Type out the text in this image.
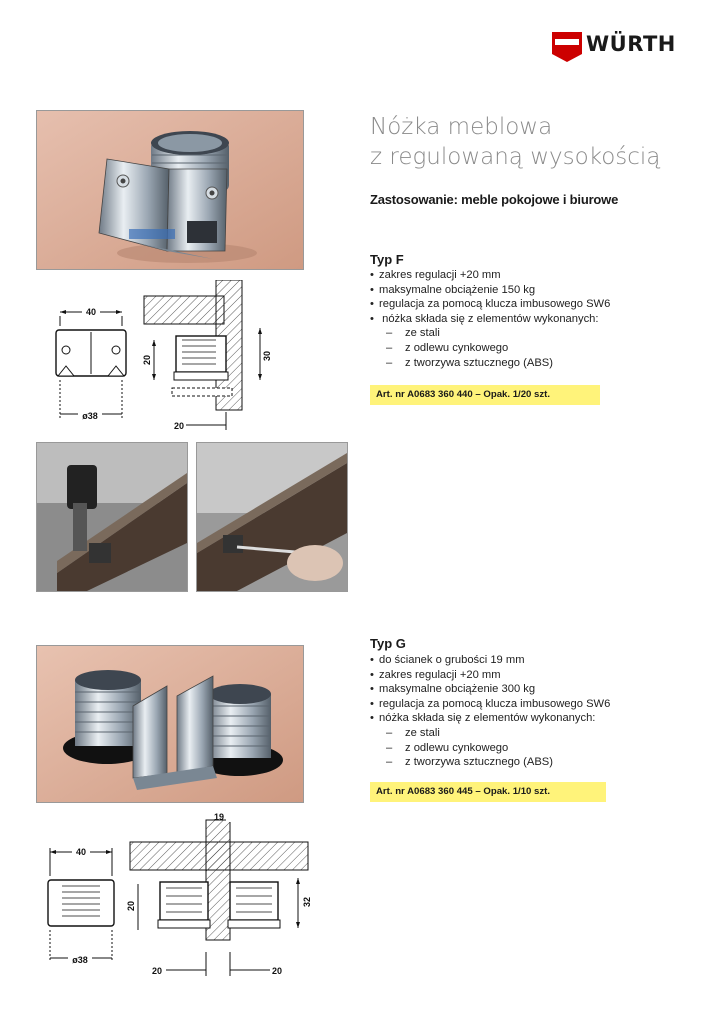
WÜRTH
Nóżka meblowa
z regulowaną wysokością
Zastosowanie: meble pokojowe i biurowe
Typ F
• zakres regulacji +20 mm
• maksymalne obciążenie 150 kg
• regulacja za pomocą klucza imbusowego SW6
• nóżka składa się z elementów wykonanych:
– ze stali
– z odlewu cynkowego
– z tworzywa sztucznego (ABS)
Art. nr A0683 360 440 – Opak. 1/20 szt.
40
ø38
20	30
20
Typ G
• do ścianek o grubości 19 mm
• zakres regulacji +20 mm
• maksymalne obciążenie 300 kg
• regulacja za pomocą klucza imbusowego SW6
• nóżka składa się z elementów wykonanych:
– ze stali
– z odlewu cynkowego
– z tworzywa sztucznego (ABS)
Art. nr A0683 360 445 – Opak. 1/10 szt.
40
ø38
19
20	32
20	20
